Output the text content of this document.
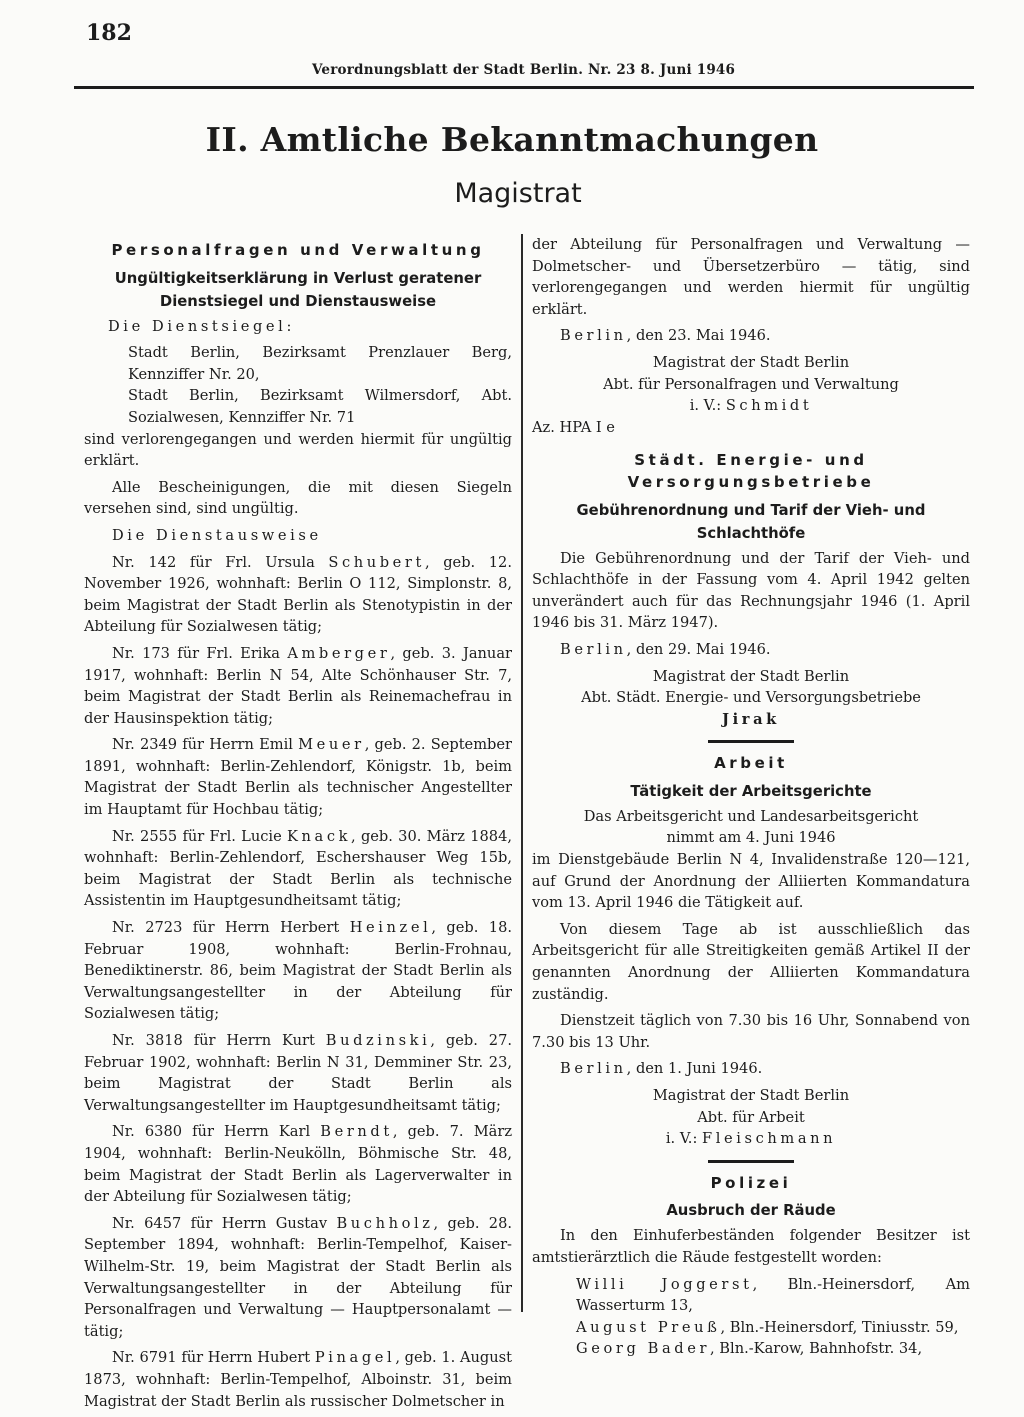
182
Verordnungsblatt der Stadt Berlin. Nr. 23 8. Juni 1946
II. Amtliche Bekanntmachungen
Magistrat
Personalfragen und Verwaltung
Ungültigkeitserklärung in Verlust geratener Dienstsiegel und Dienstausweise

Die Dienstsiegel:

Stadt Berlin, Bezirksamt Prenzlauer Berg, Kennziffer Nr. 20,
Stadt Berlin, Bezirksamt Wilmersdorf, Abt. Sozialwesen, Kennziffer Nr. 71

sind verlorengegangen und werden hiermit für ungültig erklärt.

Alle Bescheinigungen, die mit diesen Siegeln versehen sind, sind ungültig.

Die Dienstausweise

Nr. 142 für Frl. Ursula Schubert, geb. 12. November 1926, wohnhaft: Berlin O 112, Simplonstr. 8, beim Magistrat der Stadt Berlin als Stenotypistin in der Abteilung für Sozialwesen tätig;

Nr. 173 für Frl. Erika Amberger, geb. 3. Januar 1917, wohnhaft: Berlin N 54, Alte Schönhauser Str. 7, beim Magistrat der Stadt Berlin als Reinemachefrau in der Hausinspektion tätig;

Nr. 2349 für Herrn Emil Meuer, geb. 2. September 1891, wohnhaft: Berlin-Zehlendorf, Königstr. 1b, beim Magistrat der Stadt Berlin als technischer Angestellter im Hauptamt für Hochbau tätig;

Nr. 2555 für Frl. Lucie Knack, geb. 30. März 1884, wohnhaft: Berlin-Zehlendorf, Eschershauser Weg 15b, beim Magistrat der Stadt Berlin als technische Assistentin im Hauptgesundheitsamt tätig;

Nr. 2723 für Herrn Herbert Heinzel, geb. 18. Februar 1908, wohnhaft: Berlin-Frohnau, Benediktinerstr. 86, beim Magistrat der Stadt Berlin als Verwaltungsangestellter in der Abteilung für Sozialwesen tätig;

Nr. 3818 für Herrn Kurt Budzinski, geb. 27. Februar 1902, wohnhaft: Berlin N 31, Demminer Str. 23, beim Magistrat der Stadt Berlin als Verwaltungsangestellter im Hauptgesundheitsamt tätig;

Nr. 6380 für Herrn Karl Berndt, geb. 7. März 1904, wohnhaft: Berlin-Neukölln, Böhmische Str. 48, beim Magistrat der Stadt Berlin als Lagerverwalter in der Abteilung für Sozialwesen tätig;

Nr. 6457 für Herrn Gustav Buchholz, geb. 28. September 1894, wohnhaft: Berlin-Tempelhof, Kaiser-Wilhelm-Str. 19, beim Magistrat der Stadt Berlin als Verwaltungsangestellter in der Abteilung für Personalfragen und Verwaltung — Hauptpersonalamt — tätig;

Nr. 6791 für Herrn Hubert Pinagel, geb. 1. August 1873, wohnhaft: Berlin-Tempelhof, Alboinstr. 31, beim Magistrat der Stadt Berlin als russischer Dolmetscher in

der Abteilung für Personalfragen und Verwaltung — Dolmetscher- und Übersetzerbüro — tätig, sind verlorengegangen und werden hiermit für ungültig erklärt.

Berlin, den 23. Mai 1946.

Magistrat der Stadt Berlin
Abt. für Personalfragen und Verwaltung
i. V.: Schmidt
Az. HPA I e
Städt. Energie- und Versorgungsbetriebe
Gebührenordnung und Tarif der Vieh- und Schlachthöfe

Die Gebührenordnung und der Tarif der Vieh- und Schlachthöfe in der Fassung vom 4. April 1942 gelten unverändert auch für das Rechnungsjahr 1946 (1. April 1946 bis 31. März 1947).

Berlin, den 29. Mai 1946.

Magistrat der Stadt Berlin
Abt. Städt. Energie- und Versorgungsbetriebe
Jirak
Arbeit
Tätigkeit der Arbeitsgerichte
Das Arbeitsgericht und Landesarbeitsgericht nimmt am 4. Juni 1946

im Dienstgebäude Berlin N 4, Invalidenstraße 120—121, auf Grund der Anordnung der Alliierten Kommandatura vom 13. April 1946 die Tätigkeit auf.

Von diesem Tage ab ist ausschließlich das Arbeitsgericht für alle Streitigkeiten gemäß Artikel II der genannten Anordnung der Alliierten Kommandatura zuständig.

Dienstzeit täglich von 7.30 bis 16 Uhr, Sonnabend von 7.30 bis 13 Uhr.

Berlin, den 1. Juni 1946.

Magistrat der Stadt Berlin
Abt. für Arbeit
i. V.: Fleischmann
Polizei
Ausbruch der Räude

In den Einhuferbeständen folgender Besitzer ist amtstierärztlich die Räude festgestellt worden:

Willi Joggerst, Bln.-Heinersdorf, Am Wasserturm 13,
August Preuß, Bln.-Heinersdorf, Tiniusstr. 59,
Georg Bader, Bln.-Karow, Bahnhofstr. 34,
